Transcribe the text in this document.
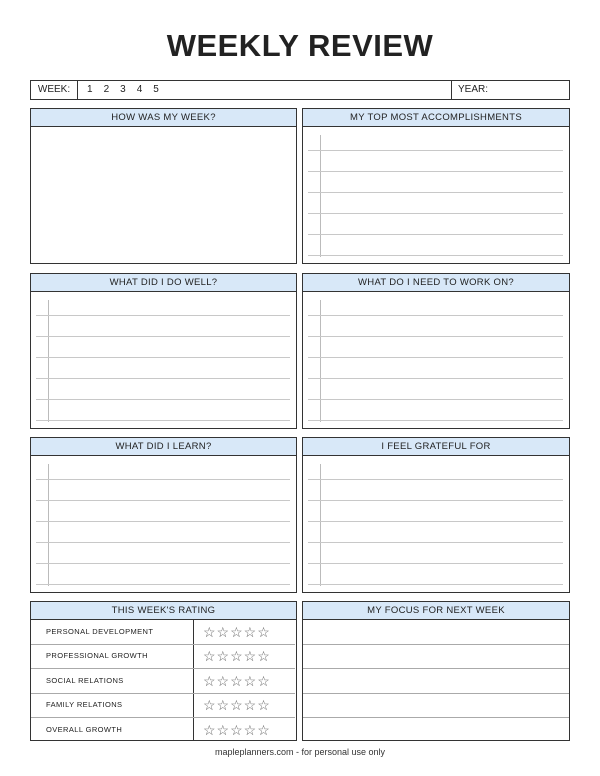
WEEKLY REVIEW
WEEK:	1 2 3 4 5	YEAR:
HOW WAS MY WEEK?	MY TOP MOST ACCOMPLISHMENTS
WHAT DID I DO WELL?	WHAT DO I NEED TO WORK ON?
WHAT DID I LEARN?	I FEEL GRATEFUL FOR
THIS WEEK'S RATING
PERSONAL DEVELOPMENT	☆☆☆☆☆
PROFESSIONAL GROWTH	☆☆☆☆☆
SOCIAL RELATIONS	☆☆☆☆☆
FAMILY RELATIONS	☆☆☆☆☆
OVERALL GROWTH	☆☆☆☆☆
MY FOCUS FOR NEXT WEEK
mapleplanners.com - for personal use only
